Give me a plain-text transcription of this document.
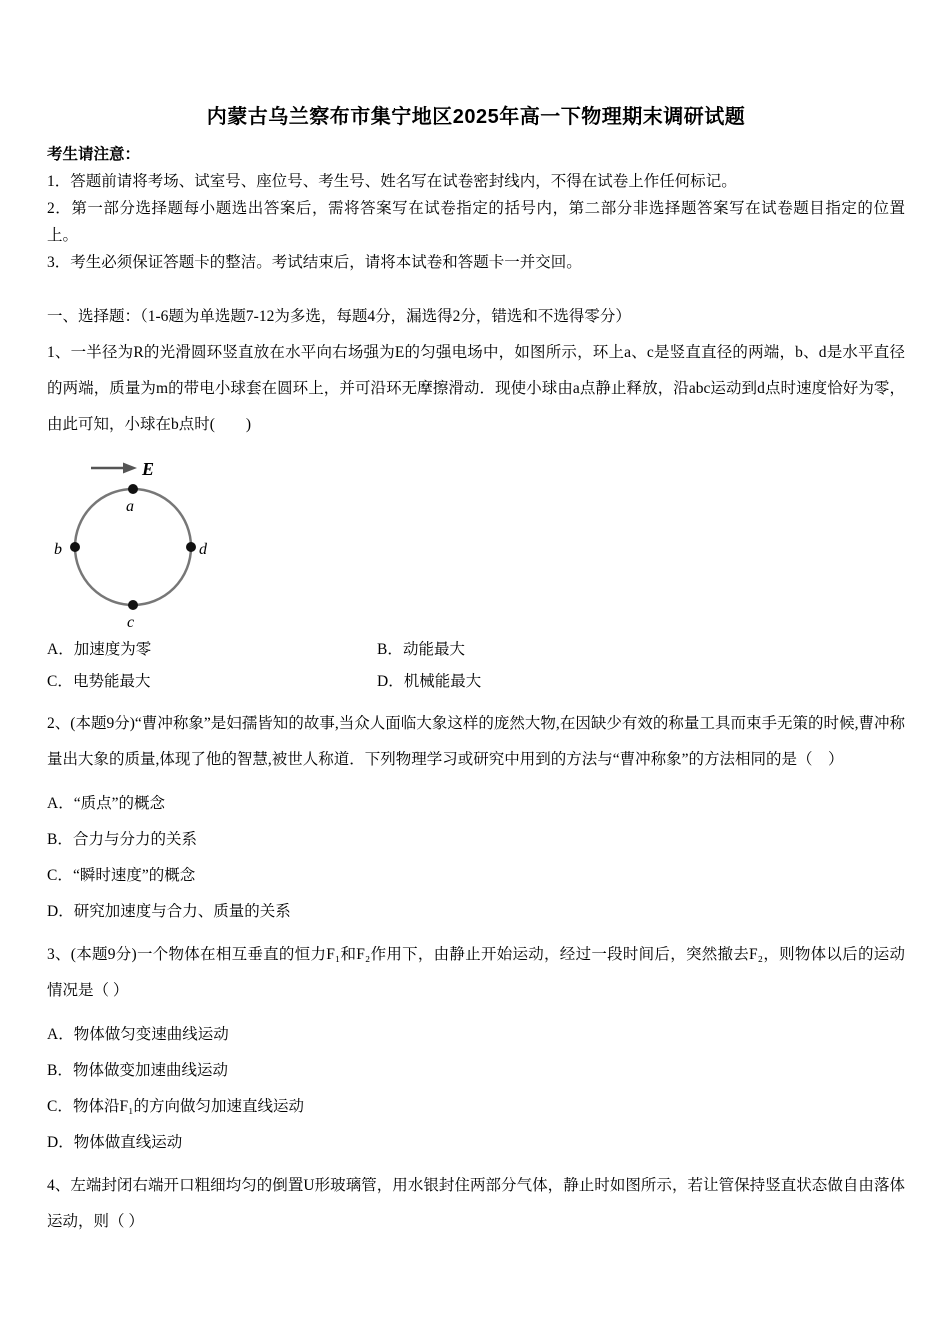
内蒙古乌兰察布市集宁地区2025年高一下物理期末调研试题
考生请注意：
1．答题前请将考场、试室号、座位号、考生号、姓名写在试卷密封线内，不得在试卷上作任何标记。
2．第一部分选择题每小题选出答案后，需将答案写在试卷指定的括号内，第二部分非选择题答案写在试卷题目指定的位置上。
3．考生必须保证答题卡的整洁。考试结束后，请将本试卷和答题卡一并交回。
一、选择题：（1-6题为单选题7-12为多选，每题4分，漏选得2分，错选和不选得零分）

1、一半径为R的光滑圆环竖直放在水平向右场强为E的匀强电场中，如图所示，环上a、c是竖直直径的两端，b、d是水平直径的两端，质量为m的带电小球套在圆环上，并可沿环无摩擦滑动．现使小球由a点静止释放，沿abc运动到d点时速度恰好为零，由此可知，小球在b点时(　　)

E
a
b
c
d
A．加速度为零	B．动能最大
C．电势能最大	D．机械能最大

2、(本题9分)“曹冲称象”是妇孺皆知的故事,当众人面临大象这样的庞然大物,在因缺少有效的称量工具而束手无策的时候,曹冲称量出大象的质量,体现了他的智慧,被世人称道．下列物理学习或研究中用到的方法与“曹冲称象”的方法相同的是（　）

A．“质点”的概念
B．合力与分力的关系
C．“瞬时速度”的概念
D．研究加速度与合力、质量的关系

3、(本题9分)一个物体在相互垂直的恒力F₁和F₂作用下，由静止开始运动，经过一段时间后，突然撤去F₂，则物体以后的运动情况是（ ）

A．物体做匀变速曲线运动
B．物体做变加速曲线运动
C．物体沿F₁的方向做匀加速直线运动
D．物体做直线运动

4、左端封闭右端开口粗细均匀的倒置U形玻璃管，用水银封住两部分气体，静止时如图所示，若让管保持竖直状态做自由落体运动，则（ ）
